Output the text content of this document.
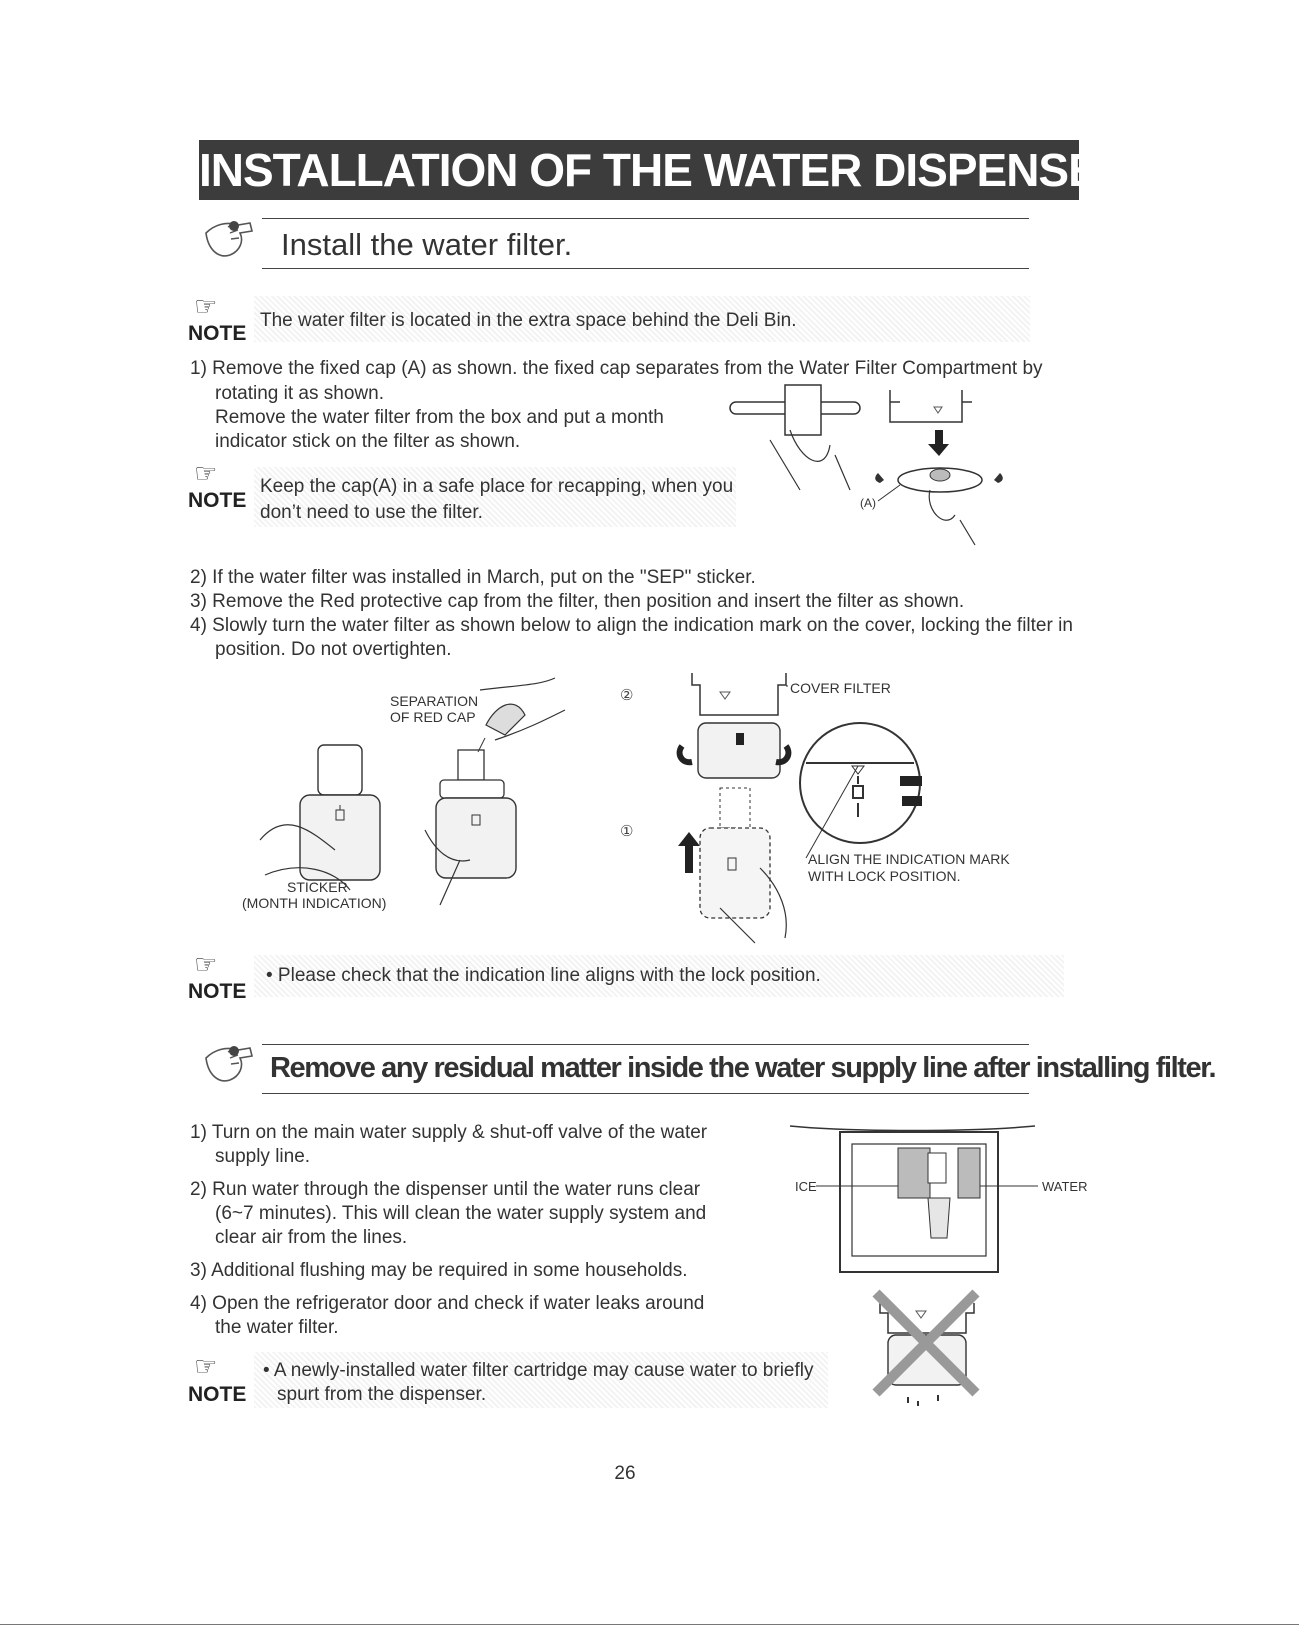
INSTALLATION OF THE WATER DISPENSER LINE
Install the water filter.
☞
NOTE
The water filter is located in the extra space behind the Deli Bin.
1) Remove the fixed cap (A) as shown. the fixed cap separates from the Water Filter Compartment by
rotating it as shown.
Remove the water filter from the box and put a month
indicator stick on the filter as shown.
☞
NOTE
Keep the cap(A) in a safe place for recapping, when you
don’t need to use the filter.	(A)
2) If the water filter was installed in March, put on the "SEP" sticker.
3) Remove the Red protective cap from the filter, then position and insert the filter as shown.
4) Slowly turn the water filter as shown below to align the indication mark on the cover, locking the filter in
position. Do not overtighten.
SEPARATION
OF RED CAP
STICKER
(MONTH INDICATION)
②
①
COVER FILTER
ALIGN THE INDICATION MARK
WITH LOCK POSITION.
☞
NOTE
• Please check that the indication line aligns with the lock position.
Remove any residual matter inside the water supply line after installing filter.
1) Turn on the main water supply & shut-off valve of the water
supply line.
2) Run water through the dispenser until the water runs clear
(6~7 minutes). This will clean the water supply system and
clear air from the lines.
3) Additional flushing may be required in some households.
4) Open the refrigerator door and check if water leaks around
the water filter.
ICE	WATER
☞
NOTE
• A newly-installed water filter cartridge may cause water to briefly
spurt from the dispenser.
26
